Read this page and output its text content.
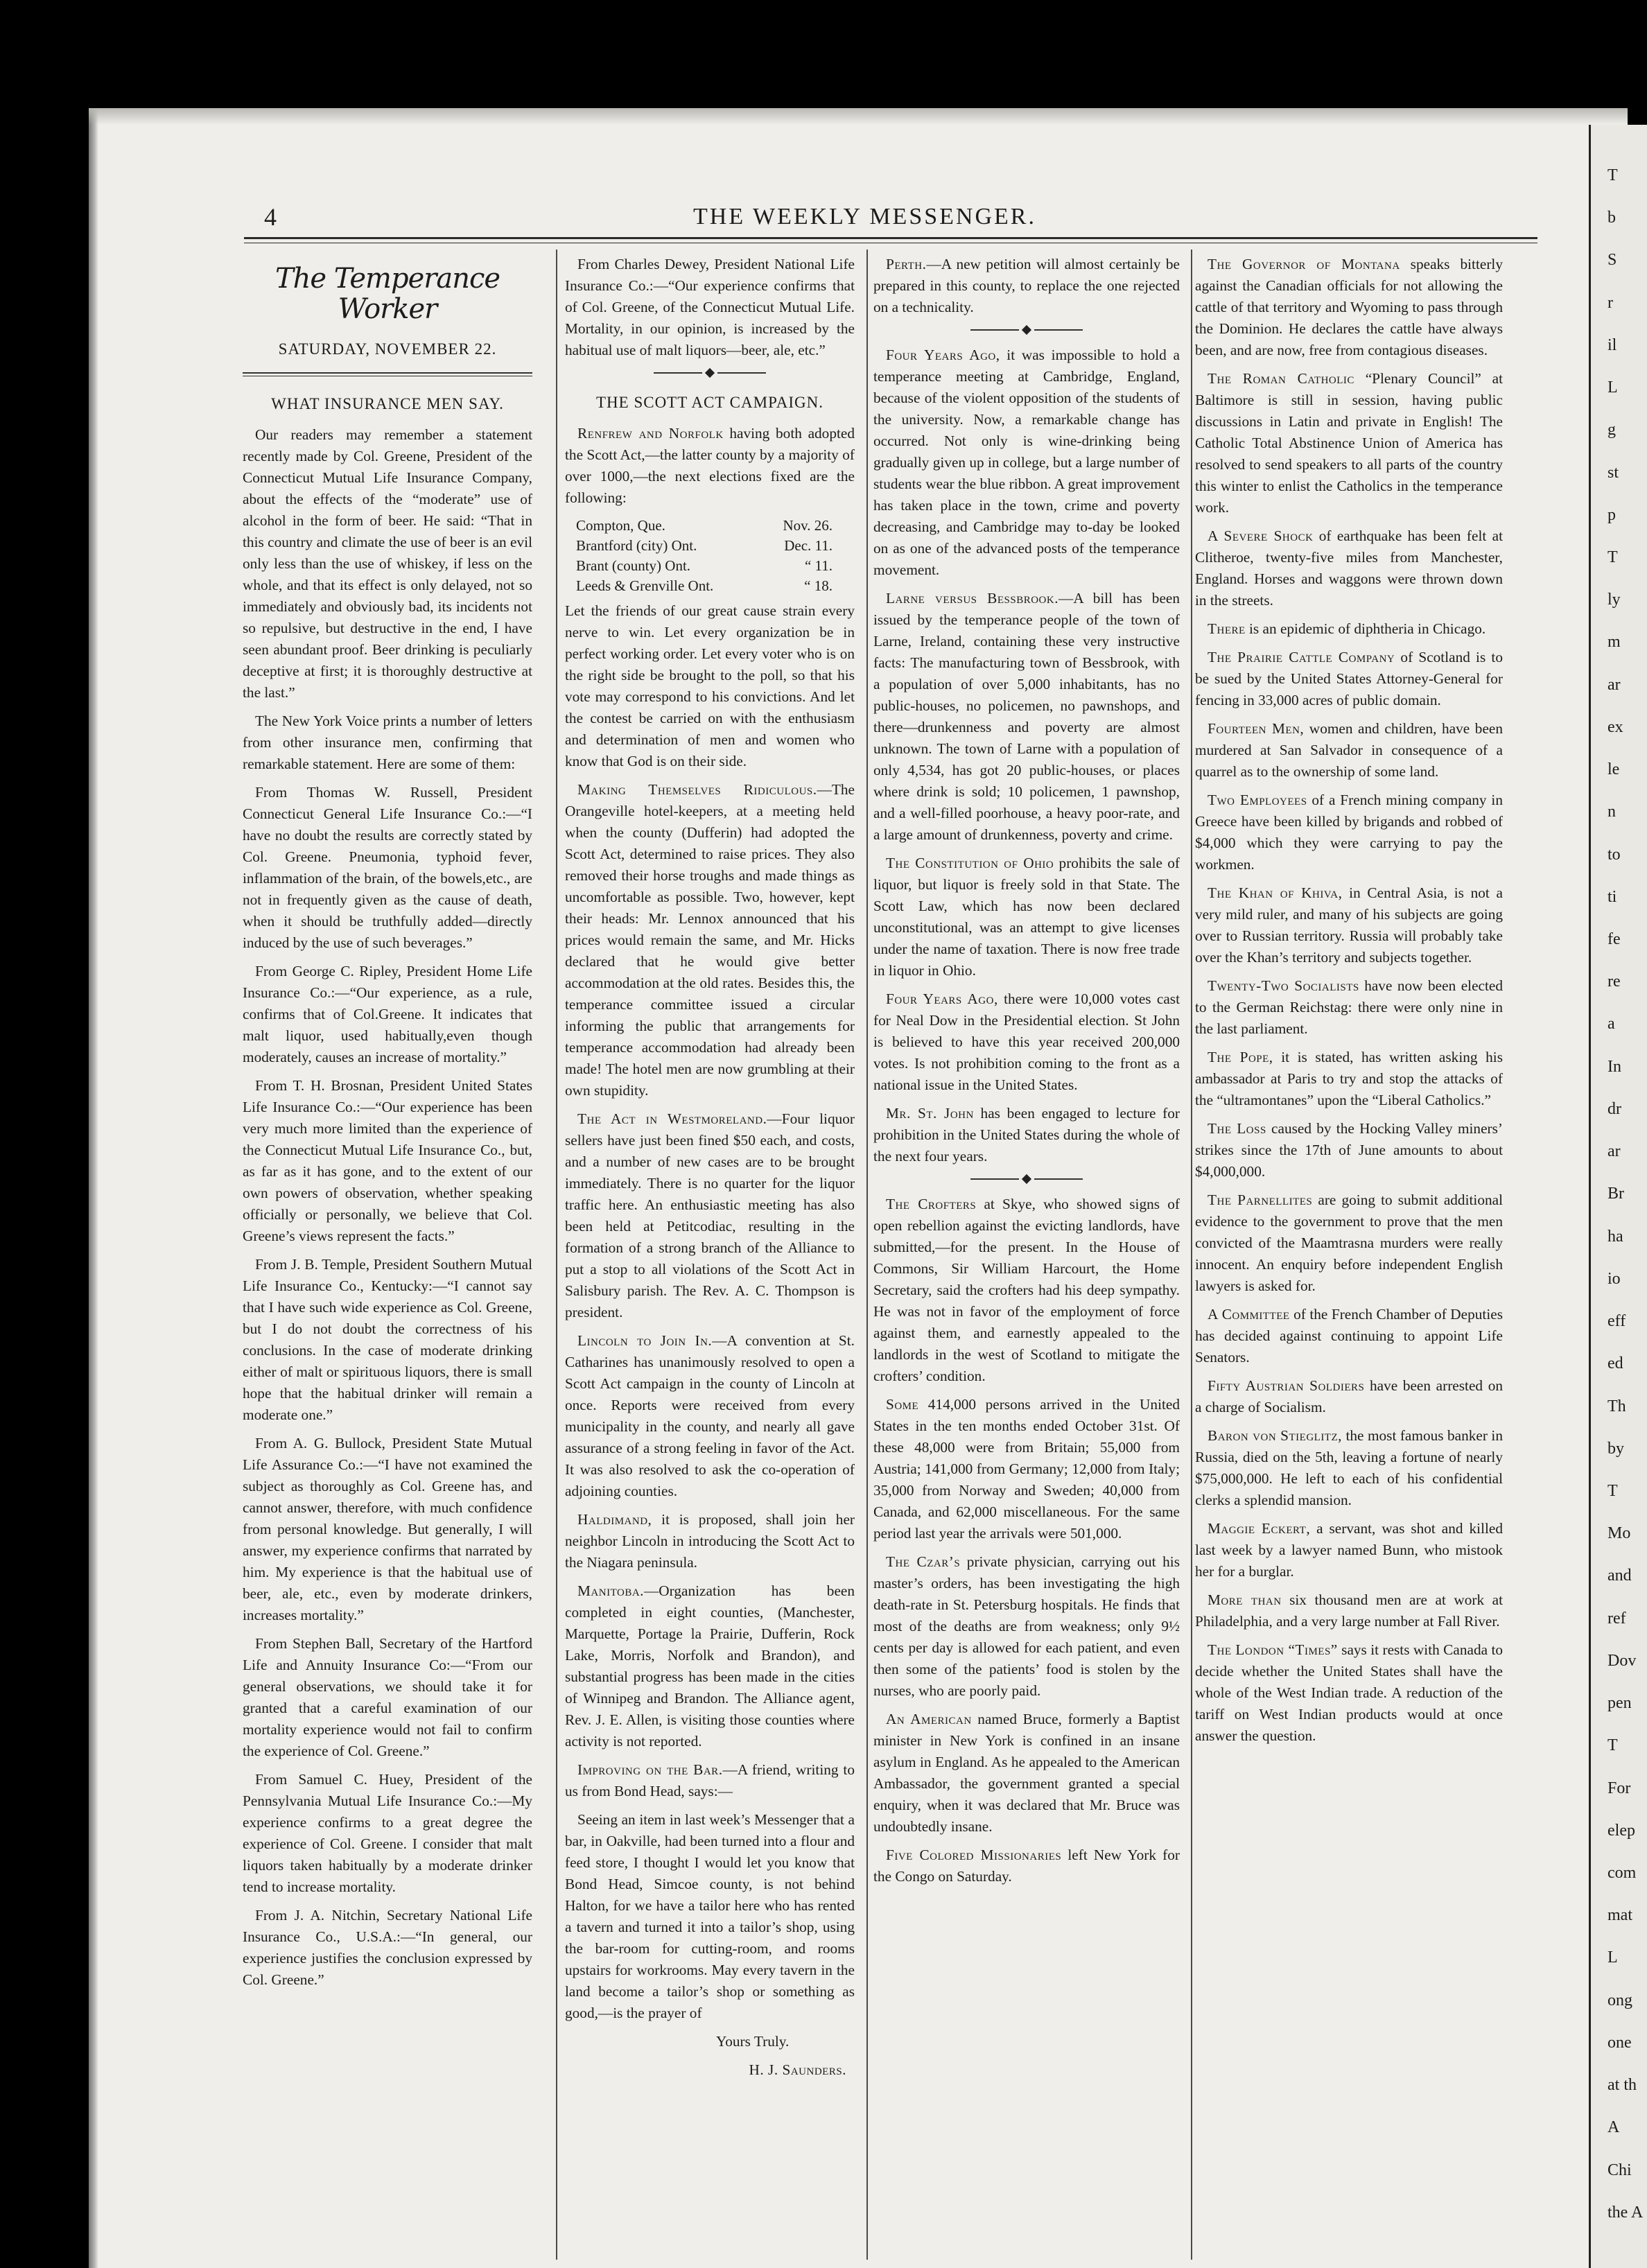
T
b
S
r
il
L
g
st
p
T
ly
m
ar
ex
le
n
to
ti
fe
re
a
In
dr
ar
Br
ha
io
eff
ed
Th
by
T
Mo
and
ref
Dov
pen
T
For
elep
com
mat
L
ong
one
at th
A
Chi
the A
4	THE WEEKLY MESSENGER.
The Temperance Worker
SATURDAY, NOVEMBER 22.
WHAT INSURANCE MEN SAY.

Our readers may remember a statement recently made by Col. Greene, President of the Connecticut Mutual Life Insurance Company, about the effects of the “moderate” use of alcohol in the form of beer. He said: “That in this country and climate the use of beer is an evil only less than the use of whiskey, if less on the whole, and that its effect is only delayed, not so immediately and obviously bad, its incidents not so repulsive, but destructive in the end, I have seen abundant proof. Beer drinking is peculiarly deceptive at first; it is thoroughly destructive at the last.”

The New York Voice prints a number of letters from other insurance men, confirming that remarkable statement. Here are some of them:

From Thomas W. Russell, President Connecticut General Life Insurance Co.:—“I have no doubt the results are correctly stated by Col. Greene. Pneumonia, typhoid fever, inflammation of the brain, of the bowels,etc., are not in frequently given as the cause of death, when it should be truthfully added—directly induced by the use of such beverages.”

From George C. Ripley, President Home Life Insurance Co.:—“Our experience, as a rule, confirms that of Col.Greene. It indicates that malt liquor, used habitually,even though moderately, causes an increase of mortality.”

From T. H. Brosnan, President United States Life Insurance Co.:—“Our experience has been very much more limited than the experience of the Connecticut Mutual Life Insurance Co., but, as far as it has gone, and to the extent of our own powers of observation, whether speaking officially or personally, we believe that Col. Greene’s views represent the facts.”

From J. B. Temple, President Southern Mutual Life Insurance Co., Kentucky:—“I cannot say that I have such wide experience as Col. Greene, but I do not doubt the correctness of his conclusions. In the case of moderate drinking either of malt or spirituous liquors, there is small hope that the habitual drinker will remain a moderate one.”

From A. G. Bullock, President State Mutual Life Assurance Co.:—“I have not examined the subject as thoroughly as Col. Greene has, and cannot answer, therefore, with much confidence from personal knowledge. But generally, I will answer, my experience confirms that narrated by him. My experience is that the habitual use of beer, ale, etc., even by moderate drinkers, increases mortality.”

From Stephen Ball, Secretary of the Hartford Life and Annuity Insurance Co:—“From our general observations, we should take it for granted that a careful examination of our mortality experience would not fail to confirm the experience of Col. Greene.”

From Samuel C. Huey, President of the Pennsylvania Mutual Life Insurance Co.:—My experience confirms to a great degree the experience of Col. Greene. I consider that malt liquors taken habitually by a moderate drinker tend to increase mortality.

From J. A. Nitchin, Secretary National Life Insurance Co., U.S.A.:—“In general, our experience justifies the conclusion expressed by Col. Greene.”

From Charles Dewey, President National Life Insurance Co.:—“Our experience confirms that of Col. Greene, of the Connecticut Mutual Life. Mortality, in our opinion, is increased by the habitual use of malt liquors—beer, ale, etc.”

THE SCOTT ACT CAMPAIGN.

Renfrew and Norfolk having both adopted the Scott Act,—the latter county by a majority of over 1000,—the next elections fixed are the following:

Compton, Que.	Nov. 26.
Brantford (city) Ont.	Dec. 11.
Brant (county) Ont.	“ 11.
Leeds & Grenville Ont.	“ 18.

Let the friends of our great cause strain every nerve to win. Let every organization be in perfect working order. Let every voter who is on the right side be brought to the poll, so that his vote may correspond to his convictions. And let the contest be carried on with the enthusiasm and determination of men and women who know that God is on their side.

Making Themselves Ridiculous.—The Orangeville hotel-keepers, at a meeting held when the county (Dufferin) had adopted the Scott Act, determined to raise prices. They also removed their horse troughs and made things as uncomfortable as possible. Two, however, kept their heads: Mr. Lennox announced that his prices would remain the same, and Mr. Hicks declared that he would give better accommodation at the old rates. Besides this, the temperance committee issued a circular informing the public that arrangements for temperance accommodation had already been made! The hotel men are now grumbling at their own stupidity.

The Act in Westmoreland.—Four liquor sellers have just been fined $50 each, and costs, and a number of new cases are to be brought immediately. There is no quarter for the liquor traffic here. An enthusiastic meeting has also been held at Petitcodiac, resulting in the formation of a strong branch of the Alliance to put a stop to all violations of the Scott Act in Salisbury parish. The Rev. A. C. Thompson is president.

Lincoln to Join In.—A convention at St. Catharines has unanimously resolved to open a Scott Act campaign in the county of Lincoln at once. Reports were received from every municipality in the county, and nearly all gave assurance of a strong feeling in favor of the Act. It was also resolved to ask the co-operation of adjoining counties.

Haldimand, it is proposed, shall join her neighbor Lincoln in introducing the Scott Act to the Niagara peninsula.

Manitoba.—Organization has been completed in eight counties, (Manchester, Marquette, Portage la Prairie, Dufferin, Rock Lake, Morris, Norfolk and Brandon), and substantial progress has been made in the cities of Winnipeg and Brandon. The Alliance agent, Rev. J. E. Allen, is visiting those counties where activity is not reported.

Improving on the Bar.—A friend, writing to us from Bond Head, says:—

Seeing an item in last week’s Messenger that a bar, in Oakville, had been turned into a flour and feed store, I thought I would let you know that Bond Head, Simcoe county, is not behind Halton, for we have a tailor here who has rented a tavern and turned it into a tailor’s shop, using the bar-room for cutting-room, and rooms upstairs for workrooms. May every tavern in the land become a tailor’s shop or something as good,—is the prayer of

Yours Truly.

H. J. Saunders.

Perth.—A new petition will almost certainly be prepared in this county, to replace the one rejected on a technicality.

Four Years Ago, it was impossible to hold a temperance meeting at Cambridge, England, because of the violent opposition of the students of the university. Now, a remarkable change has occurred. Not only is wine-drinking being gradually given up in college, but a large number of students wear the blue ribbon. A great improvement has taken place in the town, crime and poverty decreasing, and Cambridge may to-day be looked on as one of the advanced posts of the temperance movement.

Larne versus Bessbrook.—A bill has been issued by the temperance people of the town of Larne, Ireland, containing these very instructive facts: The manufacturing town of Bessbrook, with a population of over 5,000 inhabitants, has no public-houses, no policemen, no pawnshops, and there—drunkenness and poverty are almost unknown. The town of Larne with a population of only 4,534, has got 20 public-houses, or places where drink is sold; 10 policemen, 1 pawnshop, and a well-filled poorhouse, a heavy poor-rate, and a large amount of drunkenness, poverty and crime.

The Constitution of Ohio prohibits the sale of liquor, but liquor is freely sold in that State. The Scott Law, which has now been declared unconstitutional, was an attempt to give licenses under the name of taxation. There is now free trade in liquor in Ohio.

Four Years Ago, there were 10,000 votes cast for Neal Dow in the Presidential election. St John is believed to have this year received 200,000 votes. Is not prohibition coming to the front as a national issue in the United States.

Mr. St. John has been engaged to lecture for prohibition in the United States during the whole of the next four years.

The Crofters at Skye, who showed signs of open rebellion against the evicting landlords, have submitted,—for the present. In the House of Commons, Sir William Harcourt, the Home Secretary, said the crofters had his deep sympathy. He was not in favor of the employment of force against them, and earnestly appealed to the landlords in the west of Scotland to mitigate the crofters’ condition.

Some 414,000 persons arrived in the United States in the ten months ended October 31st. Of these 48,000 were from Britain; 55,000 from Austria; 141,000 from Germany; 12,000 from Italy; 35,000 from Norway and Sweden; 40,000 from Canada, and 62,000 miscellaneous. For the same period last year the arrivals were 501,000.

The Czar’s private physician, carrying out his master’s orders, has been investigating the high death-rate in St. Petersburg hospitals. He finds that most of the deaths are from weakness; only 9½ cents per day is allowed for each patient, and even then some of the patients’ food is stolen by the nurses, who are poorly paid.

An American named Bruce, formerly a Baptist minister in New York is confined in an insane asylum in England. As he appealed to the American Ambassador, the government granted a special enquiry, when it was declared that Mr. Bruce was undoubtedly insane.

Five Colored Missionaries left New York for the Congo on Saturday.

The Governor of Montana speaks bitterly against the Canadian officials for not allowing the cattle of that territory and Wyoming to pass through the Dominion. He declares the cattle have always been, and are now, free from contagious diseases.

The Roman Catholic “Plenary Council” at Baltimore is still in session, having public discussions in Latin and private in English! The Catholic Total Abstinence Union of America has resolved to send speakers to all parts of the country this winter to enlist the Catholics in the temperance work.

A Severe Shock of earthquake has been felt at Clitheroe, twenty-five miles from Manchester, England. Horses and waggons were thrown down in the streets.

There is an epidemic of diphtheria in Chicago.

The Prairie Cattle Company of Scotland is to be sued by the United States Attorney-General for fencing in 33,000 acres of public domain.

Fourteen Men, women and children, have been murdered at San Salvador in consequence of a quarrel as to the ownership of some land.

Two Employees of a French mining company in Greece have been killed by brigands and robbed of $4,000 which they were carrying to pay the workmen.

The Khan of Khiva, in Central Asia, is not a very mild ruler, and many of his subjects are going over to Russian territory. Russia will probably take over the Khan’s territory and subjects together.

Twenty-Two Socialists have now been elected to the German Reichstag: there were only nine in the last parliament.

The Pope, it is stated, has written asking his ambassador at Paris to try and stop the attacks of the “ultramontanes” upon the “Liberal Catholics.”

The Loss caused by the Hocking Valley miners’ strikes since the 17th of June amounts to about $4,000,000.

The Parnellites are going to submit additional evidence to the government to prove that the men convicted of the Maamtrasna murders were really innocent. An enquiry before independent English lawyers is asked for.

A Committee of the French Chamber of Deputies has decided against continuing to appoint Life Senators.

Fifty Austrian Soldiers have been arrested on a charge of Socialism.

Baron von Stieglitz, the most famous banker in Russia, died on the 5th, leaving a fortune of nearly $75,000,000. He left to each of his confidential clerks a splendid mansion.

Maggie Eckert, a servant, was shot and killed last week by a lawyer named Bunn, who mistook her for a burglar.

More than six thousand men are at work at Philadelphia, and a very large number at Fall River.

The London “Times” says it rests with Canada to decide whether the United States shall have the whole of the West Indian trade. A reduction of the tariff on West Indian products would at once answer the question.
